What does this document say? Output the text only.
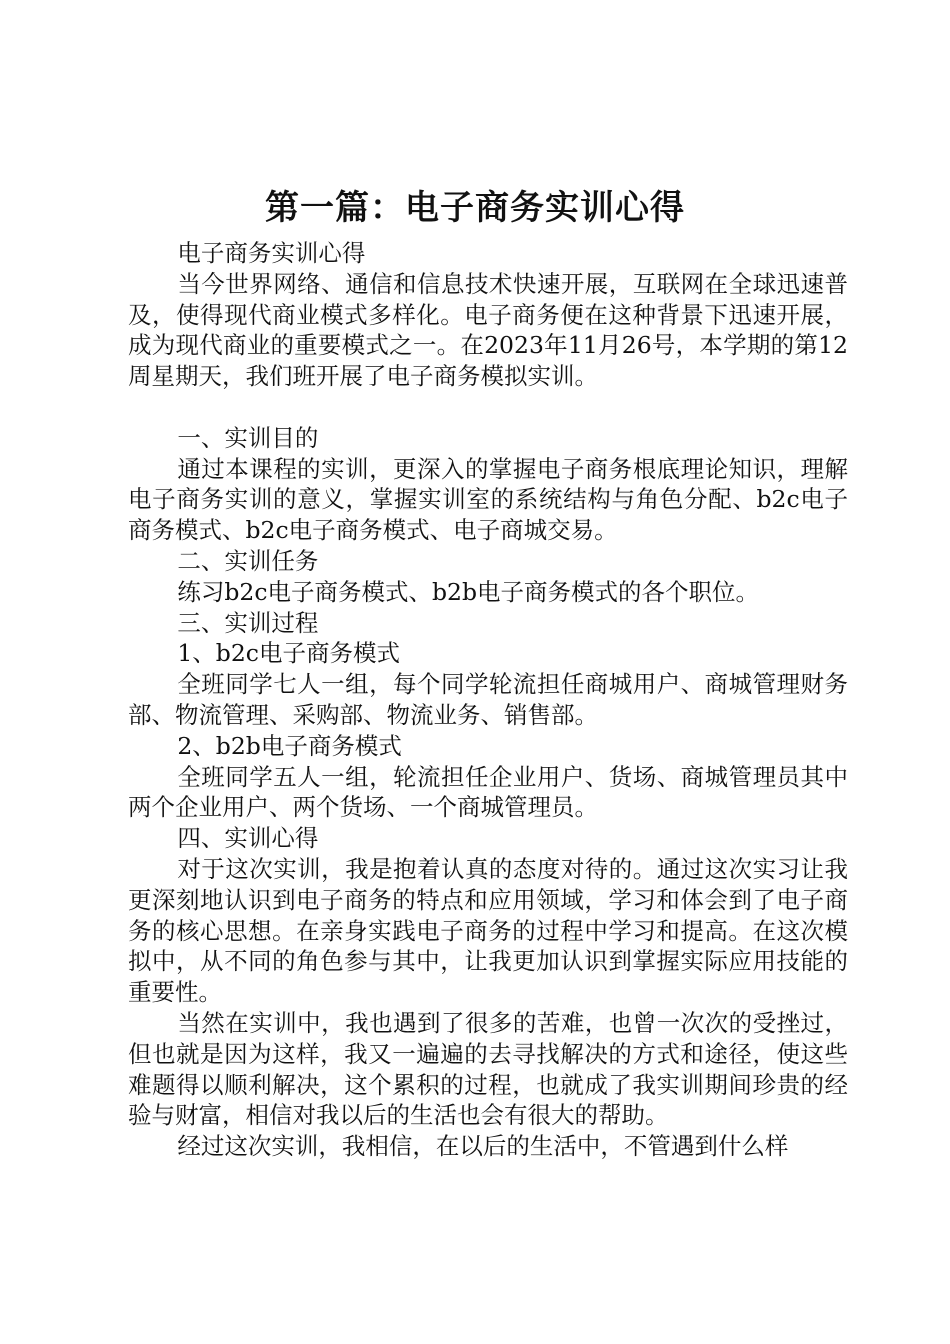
第一篇：电子商务实训心得

电子商务实训心得

当今世界网络、通信和信息技术快速开展，互联网在全球迅速普及，使得现代商业模式多样化。电子商务便在这种背景下迅速开展，成为现代商业的重要模式之一。在2023年11月26号，本学期的第12周星期天，我们班开展了电子商务模拟实训。

一、实训目的

通过本课程的实训，更深入的掌握电子商务根底理论知识，理解电子商务实训的意义，掌握实训室的系统结构与角色分配、b2c电子商务模式、b2c电子商务模式、电子商城交易。

二、实训任务

练习b2c电子商务模式、b2b电子商务模式的各个职位。

三、实训过程

1、b2c电子商务模式

全班同学七人一组，每个同学轮流担任商城用户、商城管理财务部、物流管理、采购部、物流业务、销售部。

2、b2b电子商务模式

全班同学五人一组，轮流担任企业用户、货场、商城管理员其中两个企业用户、两个货场、一个商城管理员。

四、实训心得

对于这次实训，我是抱着认真的态度对待的。通过这次实习让我更深刻地认识到电子商务的特点和应用领域，学习和体会到了电子商务的核心思想。在亲身实践电子商务的过程中学习和提高。在这次模拟中，从不同的角色参与其中，让我更加认识到掌握实际应用技能的重要性。

当然在实训中，我也遇到了很多的苦难，也曾一次次的受挫过，但也就是因为这样，我又一遍遍的去寻找解决的方式和途径，使这些难题得以顺利解决，这个累积的过程，也就成了我实训期间珍贵的经验与财富，相信对我以后的生活也会有很大的帮助。

经过这次实训，我相信，在以后的生活中，不管遇到什么样
